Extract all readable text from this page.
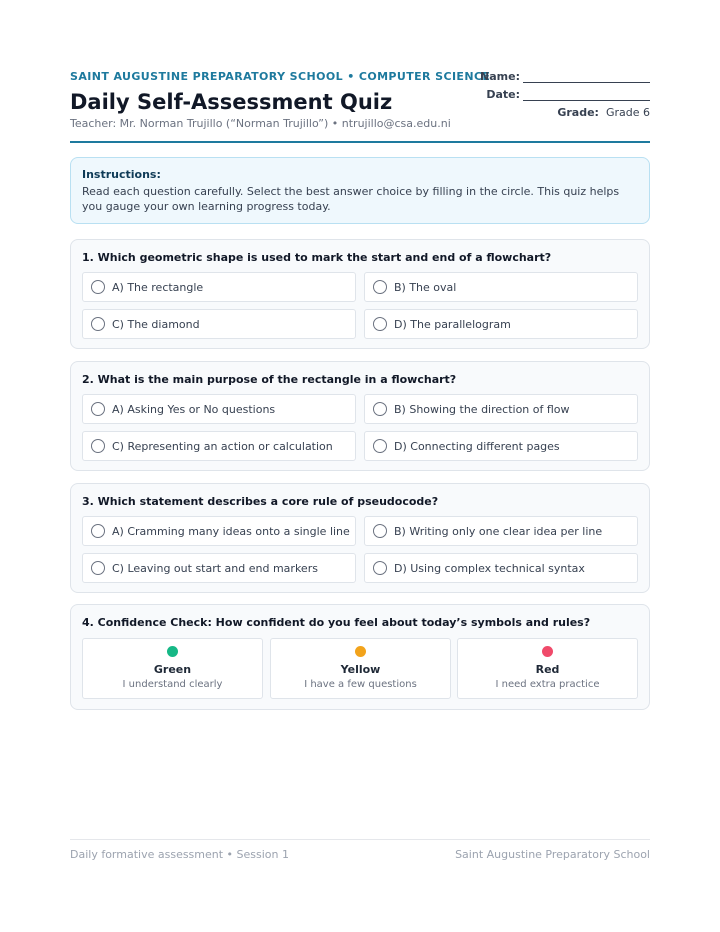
SAINT AUGUSTINE PREPARATORY SCHOOL • COMPUTER SCIENCE
Daily Self-Assessment Quiz
Teacher: Mr. Norman Trujillo (“Norman Trujillo”) • ntrujillo@csa.edu.ni
Name:
Date:
Grade: Grade 6
Instructions:
Read each question carefully. Select the best answer choice by filling in the circle. This quiz helps you gauge your own learning progress today.
1. Which geometric shape is used to mark the start and end of a flowchart?
A) The rectangle	B) The oval
C) The diamond	D) The parallelogram
2. What is the main purpose of the rectangle in a flowchart?
A) Asking Yes or No questions	B) Showing the direction of flow
C) Representing an action or calculation	D) Connecting different pages
3. Which statement describes a core rule of pseudocode?
A) Cramming many ideas onto a single line	B) Writing only one clear idea per line
C) Leaving out start and end markers	D) Using complex technical syntax
4. Confidence Check: How confident do you feel about today’s symbols and rules?
Green
I understand clearly
Yellow
I have a few questions
Red
I need extra practice
Daily formative assessment • Session 1	Saint Augustine Preparatory School
